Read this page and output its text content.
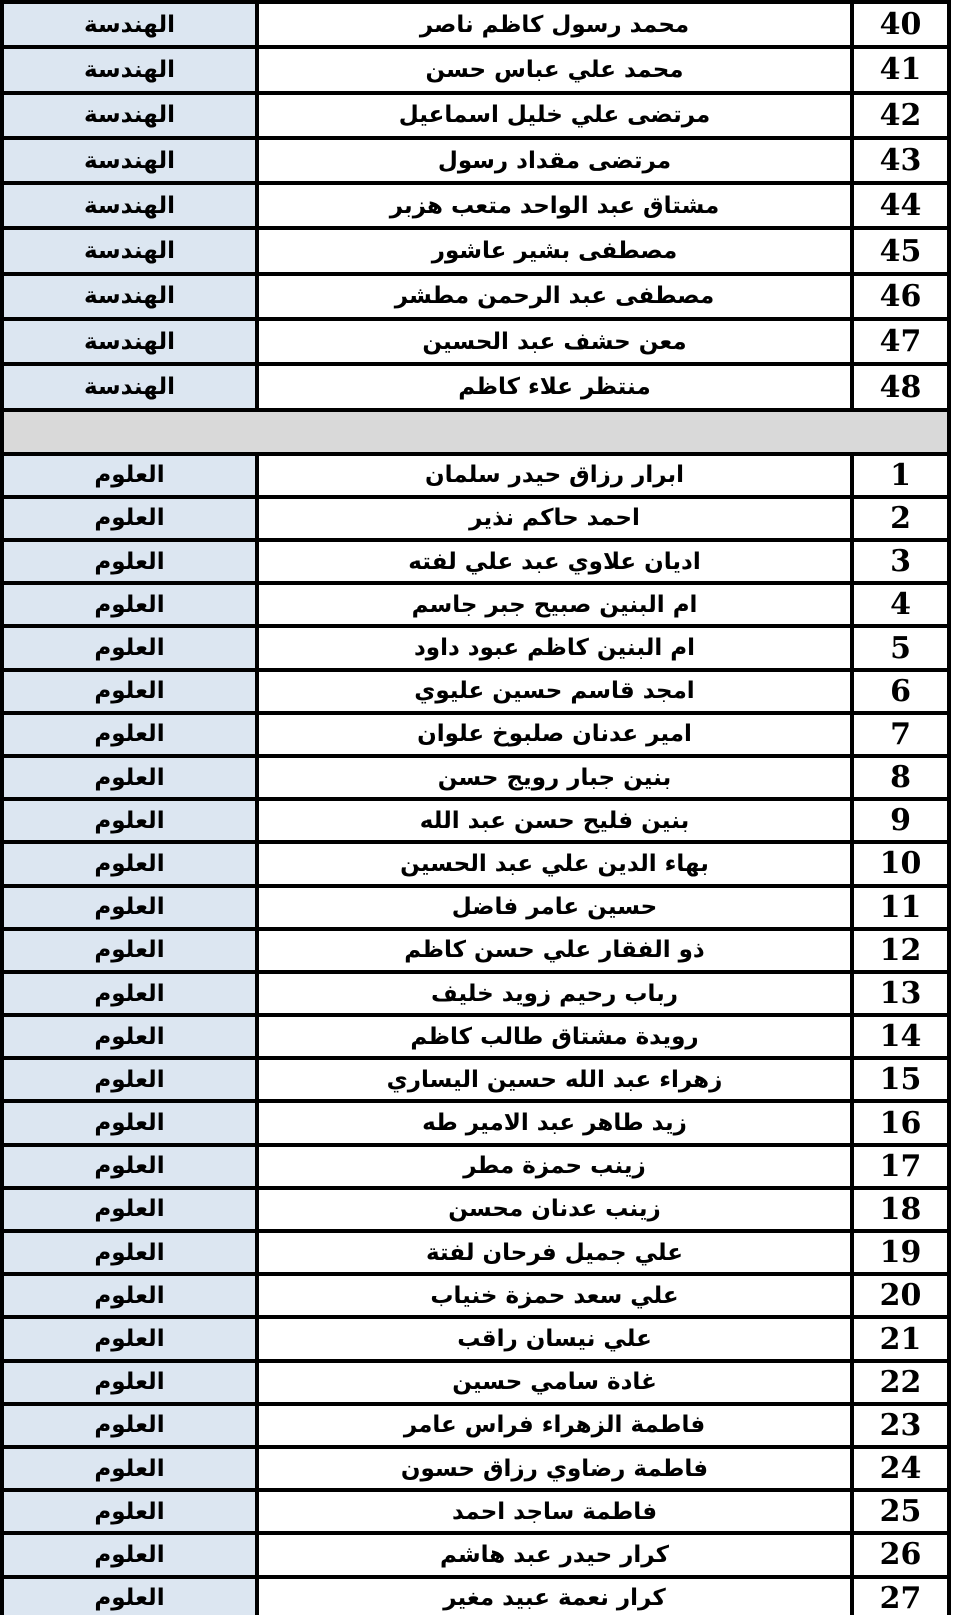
40	محمد رسول كاظم ناصر	الهندسة
41	محمد علي عباس حسن	الهندسة
42	مرتضى علي خليل اسماعيل	الهندسة
43	مرتضى مقداد رسول	الهندسة
44	مشتاق عبد الواحد متعب هزبر	الهندسة
45	مصطفى بشير عاشور	الهندسة
46	مصطفى عبد الرحمن مطشر	الهندسة
47	معن حشف عبد الحسين	الهندسة
48	منتظر علاء كاظم	الهندسة

1	ابرار رزاق حيدر سلمان	العلوم
2	احمد حاكم نذير	العلوم
3	اديان علاوي عبد علي لفته	العلوم
4	ام البنين صبيح جبر جاسم	العلوم
5	ام البنين كاظم عبود داود	العلوم
6	امجد قاسم حسين عليوي	العلوم
7	امير عدنان صلبوخ علوان	العلوم
8	بنين جبار رويج حسن	العلوم
9	بنين فليح حسن عبد الله	العلوم
10	بهاء الدين علي عبد الحسين	العلوم
11	حسين عامر فاضل	العلوم
12	ذو الفقار علي حسن كاظم	العلوم
13	رباب رحيم زويد خليف	العلوم
14	رويدة مشتاق طالب كاظم	العلوم
15	زهراء عبد الله حسين اليساري	العلوم
16	زيد طاهر عبد الامير طه	العلوم
17	زينب حمزة مطر	العلوم
18	زينب عدنان محسن	العلوم
19	علي جميل فرحان لفتة	العلوم
20	علي سعد حمزة خنياب	العلوم
21	علي نيسان راقب	العلوم
22	غادة سامي حسين	العلوم
23	فاطمة الزهراء فراس عامر	العلوم
24	فاطمة رضاوي رزاق حسون	العلوم
25	فاطمة ساجد احمد	العلوم
26	كرار حيدر عبد هاشم	العلوم
27	كرار نعمة عبيد مغير	العلوم
